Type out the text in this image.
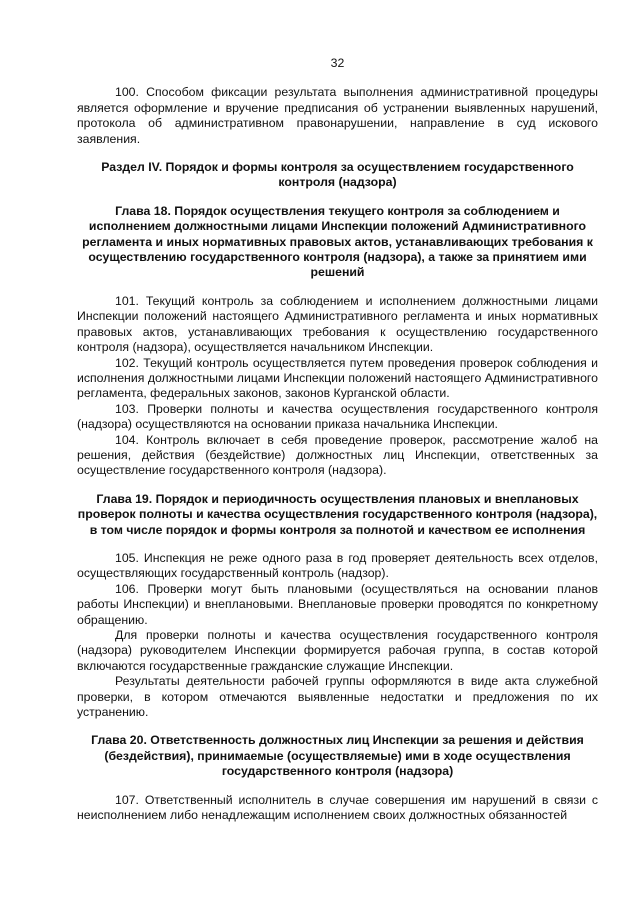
32

100. Способом фиксации результата выполнения административной процедуры является оформление и вручение предписания об устранении выявленных нарушений, протокола об административном правонарушении, направление в суд искового заявления.

Раздел IV. Порядок и формы контроля за осуществлением государственного контроля (надзора)
Глава 18. Порядок осуществления текущего контроля за соблюдением и исполнением должностными лицами Инспекции положений Административного регламента и иных нормативных правовых актов, устанавливающих требования к осуществлению государственного контроля (надзора), а также за принятием ими решений

101. Текущий контроль за соблюдением и исполнением должностными лицами Инспекции положений настоящего Административного регламента и иных нормативных правовых актов, устанавливающих требования к осуществлению государственного контроля (надзора), осуществляется начальником Инспекции.

102. Текущий контроль осуществляется путем проведения проверок соблюдения и исполнения должностными лицами Инспекции положений настоящего Административного регламента, федеральных законов, законов Курганской области.

103. Проверки полноты и качества осуществления государственного контроля (надзора) осуществляются на основании приказа начальника Инспекции.

104. Контроль включает в себя проведение проверок, рассмотрение жалоб на решения, действия (бездействие) должностных лиц Инспекции, ответственных за осуществление государственного контроля (надзора).

Глава 19. Порядок и периодичность осуществления плановых и внеплановых проверок полноты и качества осуществления государственного контроля (надзора), в том числе порядок и формы контроля за полнотой и качеством ее исполнения

105. Инспекция не реже одного раза в год проверяет деятельность всех отделов, осуществляющих государственный контроль (надзор).

106. Проверки могут быть плановыми (осуществляться на основании планов работы Инспекции) и внеплановыми. Внеплановые проверки проводятся по конкретному обращению.

Для проверки полноты и качества осуществления государственного контроля (надзора) руководителем Инспекции формируется рабочая группа, в состав которой включаются государственные гражданские служащие Инспекции.

Результаты деятельности рабочей группы оформляются в виде акта служебной проверки, в котором отмечаются выявленные недостатки и предложения по их устранению.

Глава 20. Ответственность должностных лиц Инспекции за решения и действия (бездействия), принимаемые (осуществляемые) ими в ходе осуществления государственного контроля (надзора)

107. Ответственный исполнитель в случае совершения им нарушений в связи с неисполнением либо ненадлежащим исполнением своих должностных обязанностей
